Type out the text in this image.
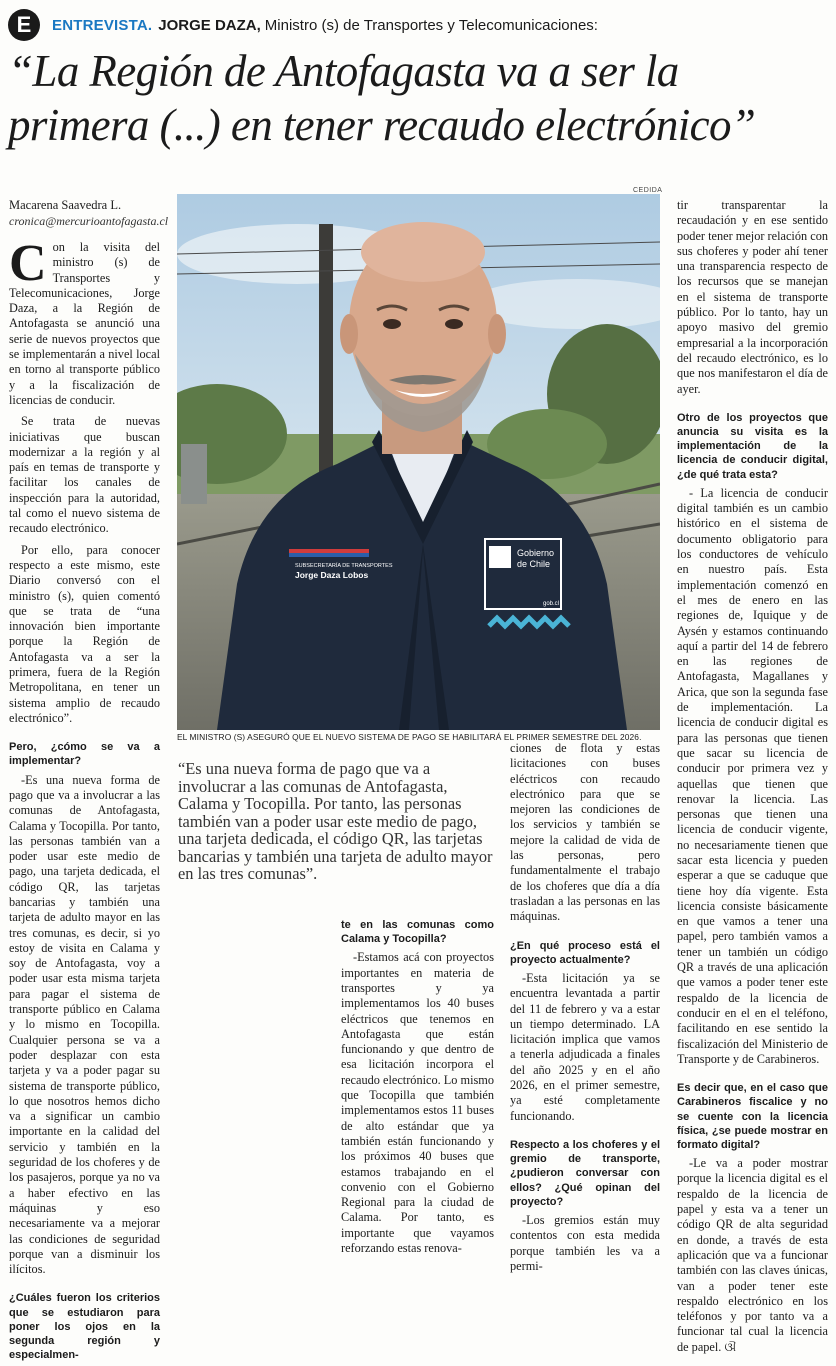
E	ENTREVISTA. JORGE DAZA, Ministro (s) de Transportes y Telecomunicaciones:
“La Región de Antofagasta va a ser la primera (...) en tener recaudo electrónico”
Macarena Saavedra L.
cronica@mercurioantofagasta.cl
CEDIDA

Con la visita del ministro (s) de Transportes y Telecomunicaciones, Jorge Daza, a la Región de Antofagasta se anunció una serie de nuevos proyectos que se implementarán a nivel local en torno al transporte público y a la fiscalización de licencias de conducir.

Se trata de nuevas iniciativas que buscan modernizar a la región y al país en temas de transporte y facilitar los canales de inspección para la autoridad, tal como el nuevo sistema de recaudo electrónico.

Por ello, para conocer respecto a este mismo, este Diario conversó con el ministro (s), quien comentó que se trata de “una innovación bien importante porque la Región de Antofagasta va a ser la primera, fuera de la Región Metropolitana, en tener un sistema amplio de recaudo electrónico”.

Pero, ¿cómo se va a implementar?

-Es una nueva forma de pago que va a involucrar a las comunas de Antofagasta, Calama y Tocopilla. Por tanto, las personas también van a poder usar este medio de pago, una tarjeta dedicada, el código QR, las tarjetas bancarias y también una tarjeta de adulto mayor en las tres comunas, es decir, si yo estoy de visita en Calama y soy de Antofagasta, voy a poder usar esta misma tarjeta para pagar el sistema de transporte público en Calama y lo mismo en Tocopilla. Cualquier persona se va a poder desplazar con esta tarjeta y va a poder pagar su sistema de transporte público, lo que nosotros hemos dicho va a significar un cambio importante en la calidad del servicio y también en la seguridad de los choferes y de los pasajeros, porque ya no va a haber efectivo en las máquinas y eso necesariamente va a mejorar las condiciones de seguridad porque van a disminuir los ilícitos.

¿Cuáles fueron los criterios que se estudiaron para poner los ojos en la segunda región y especialmen-

SUBSECRETARÍA DE TRANSPORTES
Jorge Daza Lobos
Gobierno
de Chile
gob.cl
EL MINISTRO (S) ASEGURÓ QUE EL NUEVO SISTEMA DE PAGO SE HABILITARÁ EL PRIMER SEMESTRE DEL 2026.
“Es una nueva forma de pago que va a involucrar a las comunas de Antofagasta, Calama y Tocopilla. Por tanto, las personas también van a poder usar este medio de pago, una tarjeta dedicada, el código QR, las tarjetas bancarias y también una tarjeta de adulto mayor en las tres comunas”.

te en las comunas como Calama y Tocopilla?

-Estamos acá con proyectos importantes en materia de transportes y ya implementamos los 40 buses eléctricos que tenemos en Antofagasta que están funcionando y que dentro de esa licitación incorpora el recaudo electrónico. Lo mismo que Tocopilla que también implementamos estos 11 buses de alto estándar que ya también están funcionando y los próximos 40 buses que estamos trabajando en el convenio con el Gobierno Regional para la ciudad de Calama. Por tanto, es importante que vayamos reforzando estas renova-

ciones de flota y estas licitaciones con buses eléctricos con recaudo electrónico para que se mejoren las condiciones de los servicios y también se mejore la calidad de vida de las personas, pero fundamentalmente el trabajo de los choferes que día a día trasladan a las personas en las máquinas.

¿En qué proceso está el proyecto actualmente?

-Esta licitación ya se encuentra levantada a partir del 11 de febrero y va a estar un tiempo determinado. LA licitación implica que vamos a tenerla adjudicada a finales del año 2025 y en el año 2026, en el primer semestre, ya esté completamente funcionando.

Respecto a los choferes y el gremio de transporte, ¿pudieron conversar con ellos? ¿Qué opinan del proyecto?

-Los gremios están muy contentos con esta medida porque también les va a permi-

tir transparentar la recaudación y en ese sentido poder tener mejor relación con sus choferes y poder ahí tener una transparencia respecto de los recursos que se manejan en el sistema de transporte público. Por lo tanto, hay un apoyo masivo del gremio empresarial a la incorporación del recaudo electrónico, es lo que nos manifestaron el día de ayer.

Otro de los proyectos que anuncia su visita es la implementación de la licencia de conducir digital, ¿de qué trata esta?

- La licencia de conducir digital también es un cambio histórico en el sistema de documento obligatorio para los conductores de vehículo en nuestro país. Esta implementación comenzó en el mes de enero en las regiones de, Iquique y de Aysén y estamos continuando aquí a partir del 14 de febrero en las regiones de Antofagasta, Magallanes y Arica, que son la segunda fase de implementación. La licencia de conducir digital es para las personas que tienen que sacar su licencia de conducir por primera vez y aquellas que tienen que renovar la licencia. Las personas que tienen una licencia de conducir vigente, no necesariamente tienen que sacar esta licencia y pueden esperar a que se caduque que tiene hoy día vigente. Esta licencia consiste básicamente en que vamos a tener una papel, pero también vamos a tener un también un código QR a través de una aplicación que vamos a poder tener este respaldo de la licencia de conducir en el en el teléfono, facilitando en ese sentido la fiscalización del Ministerio de Transporte y de Carabineros.

Es decir que, en el caso que Carabineros fiscalice y no se cuente con la licencia física, ¿se puede mostrar en formato digital?

-Le va a poder mostrar porque la licencia digital es el respaldo de la licencia de papel y esta va a tener un código QR de alta seguridad en donde, a través de esta aplicación que va a funcionar también con las claves únicas, van a poder tener este respaldo electrónico en los teléfonos y por tanto va a funcionar tal cual la licencia de papel. ଔ
